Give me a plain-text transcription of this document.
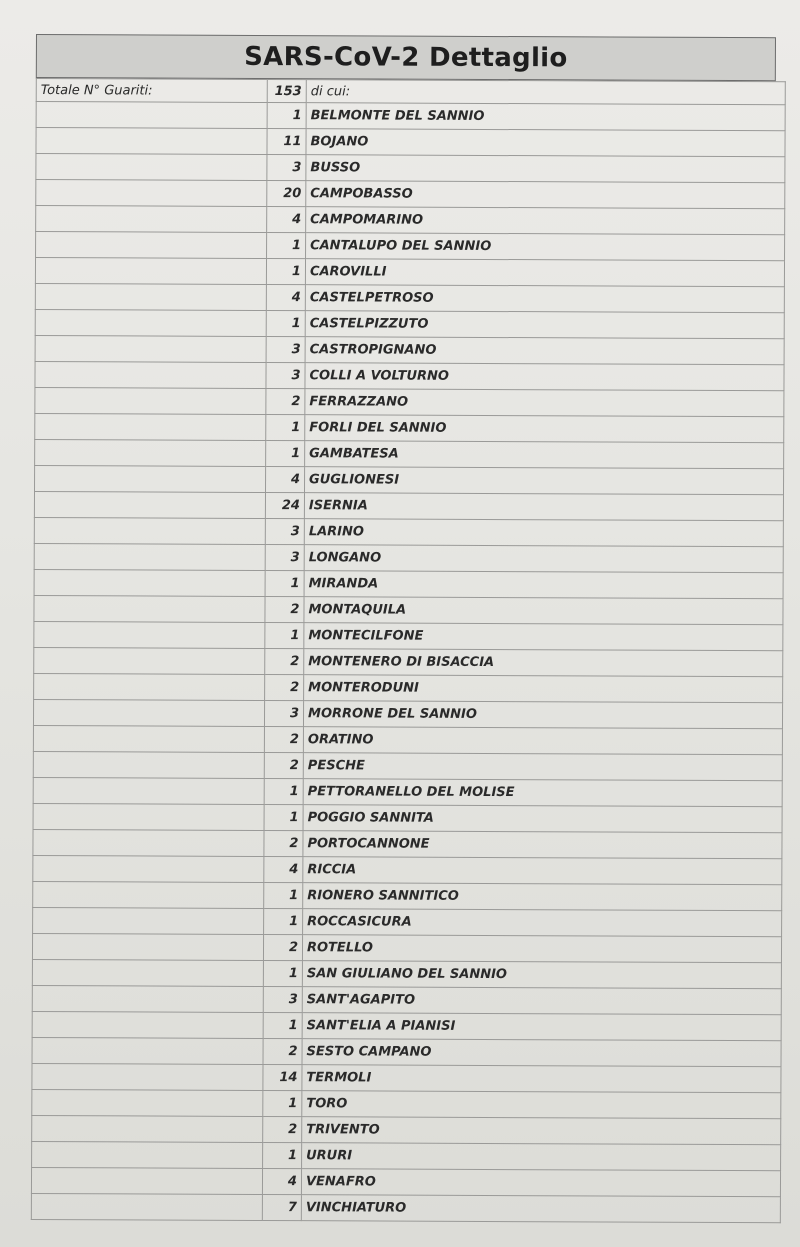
SARS-CoV-2 Dettaglio
Totale N° Guariti:	153	di cui:
	1	BELMONTE DEL SANNIO
	11	BOJANO
	3	BUSSO
	20	CAMPOBASSO
	4	CAMPOMARINO
	1	CANTALUPO DEL SANNIO
	1	CAROVILLI
	4	CASTELPETROSO
	1	CASTELPIZZUTO
	3	CASTROPIGNANO
	3	COLLI A VOLTURNO
	2	FERRAZZANO
	1	FORLI DEL SANNIO
	1	GAMBATESA
	4	GUGLIONESI
	24	ISERNIA
	3	LARINO
	3	LONGANO
	1	MIRANDA
	2	MONTAQUILA
	1	MONTECILFONE
	2	MONTENERO DI BISACCIA
	2	MONTERODUNI
	3	MORRONE DEL SANNIO
	2	ORATINO
	2	PESCHE
	1	PETTORANELLO DEL MOLISE
	1	POGGIO SANNITA
	2	PORTOCANNONE
	4	RICCIA
	1	RIONERO SANNITICO
	1	ROCCASICURA
	2	ROTELLO
	1	SAN GIULIANO DEL SANNIO
	3	SANT'AGAPITO
	1	SANT'ELIA A PIANISI
	2	SESTO CAMPANO
	14	TERMOLI
	1	TORO
	2	TRIVENTO
	1	URURI
	4	VENAFRO
	7	VINCHIATURO
